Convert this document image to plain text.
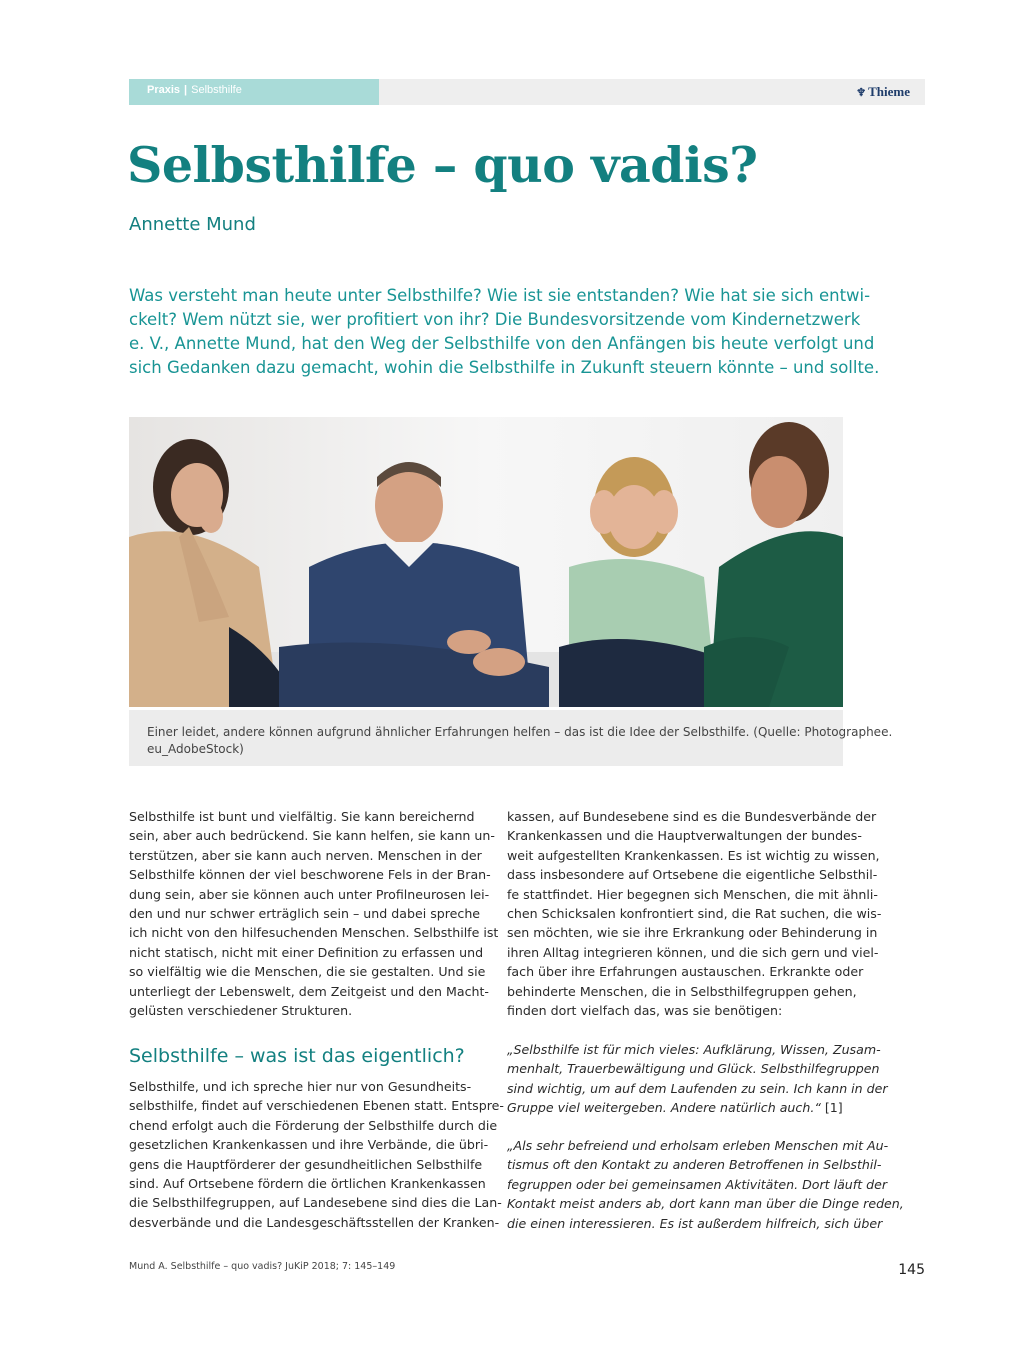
Praxis | Selbsthilfe	♆ Thieme
Selbsthilfe – quo vadis?
Annette Mund

Was versteht man heute unter Selbsthilfe? Wie ist sie entstanden? Wie hat sie sich entwi-
ckelt? Wem nützt sie, wer profitiert von ihr? Die Bundesvorsitzende vom Kindernetzwerk
e. V., Annette Mund, hat den Weg der Selbsthilfe von den Anfängen bis heute verfolgt und
sich Gedanken dazu gemacht, wohin die Selbsthilfe in Zukunft steuern könnte – und sollte.

Einer leidet, andere können aufgrund ähnlicher Erfahrungen helfen – das ist die Idee der Selbsthilfe. (Quelle: Photographee.
eu_AdobeStock)

Selbsthilfe ist bunt und vielfältig. Sie kann bereichernd
sein, aber auch bedrückend. Sie kann helfen, sie kann un-
terstützen, aber sie kann auch nerven. Menschen in der
Selbsthilfe können der viel beschworene Fels in der Bran-
dung sein, aber sie können auch unter Profilneurosen lei-
den und nur schwer erträglich sein – und dabei spreche
ich nicht von den hilfesuchenden Menschen. Selbsthilfe ist
nicht statisch, nicht mit einer Definition zu erfassen und
so vielfältig wie die Menschen, die sie gestalten. Und sie
unterliegt der Lebenswelt, dem Zeitgeist und den Macht-
gelüsten verschiedener Strukturen.
Selbsthilfe – was ist das eigentlich?
Selbsthilfe, und ich spreche hier nur von Gesundheits-
selbsthilfe, findet auf verschiedenen Ebenen statt. Entspre-
chend erfolgt auch die Förderung der Selbsthilfe durch die
gesetzlichen Krankenkassen und ihre Verbände, die übri-
gens die Hauptförderer der gesundheitlichen Selbsthilfe
sind. Auf Ortsebene fördern die örtlichen Krankenkassen
die Selbsthilfegruppen, auf Landesebene sind dies die Lan-
desverbände und die Landesgeschäftsstellen der Kranken-
kassen, auf Bundesebene sind es die Bundesverbände der
Krankenkassen und die Hauptverwaltungen der bundes-
weit aufgestellten Krankenkassen. Es ist wichtig zu wissen,
dass insbesondere auf Ortsebene die eigentliche Selbsthil-
fe stattfindet. Hier begegnen sich Menschen, die mit ähnli-
chen Schicksalen konfrontiert sind, die Rat suchen, die wis-
sen möchten, wie sie ihre Erkrankung oder Behinderung in
ihren Alltag integrieren können, und die sich gern und viel-
fach über ihre Erfahrungen austauschen. Erkrankte oder
behinderte Menschen, die in Selbsthilfegruppen gehen,
finden dort vielfach das, was sie benötigen:
„Selbsthilfe ist für mich vieles: Aufklärung, Wissen, Zusam-
menhalt, Trauerbewältigung und Glück. Selbsthilfegruppen
sind wichtig, um auf dem Laufenden zu sein. Ich kann in der
Gruppe viel weitergeben. Andere natürlich auch.“ [1]
„Als sehr befreiend und erholsam erleben Menschen mit Au-
tismus oft den Kontakt zu anderen Betroffenen in Selbsthil-
fegruppen oder bei gemeinsamen Aktivitäten. Dort läuft der
Kontakt meist anders ab, dort kann man über die Dinge reden,
die einen interessieren. Es ist außerdem hilfreich, sich über
Mund A. Selbsthilfe – quo vadis? JuKiP 2018; 7: 145–149	145
